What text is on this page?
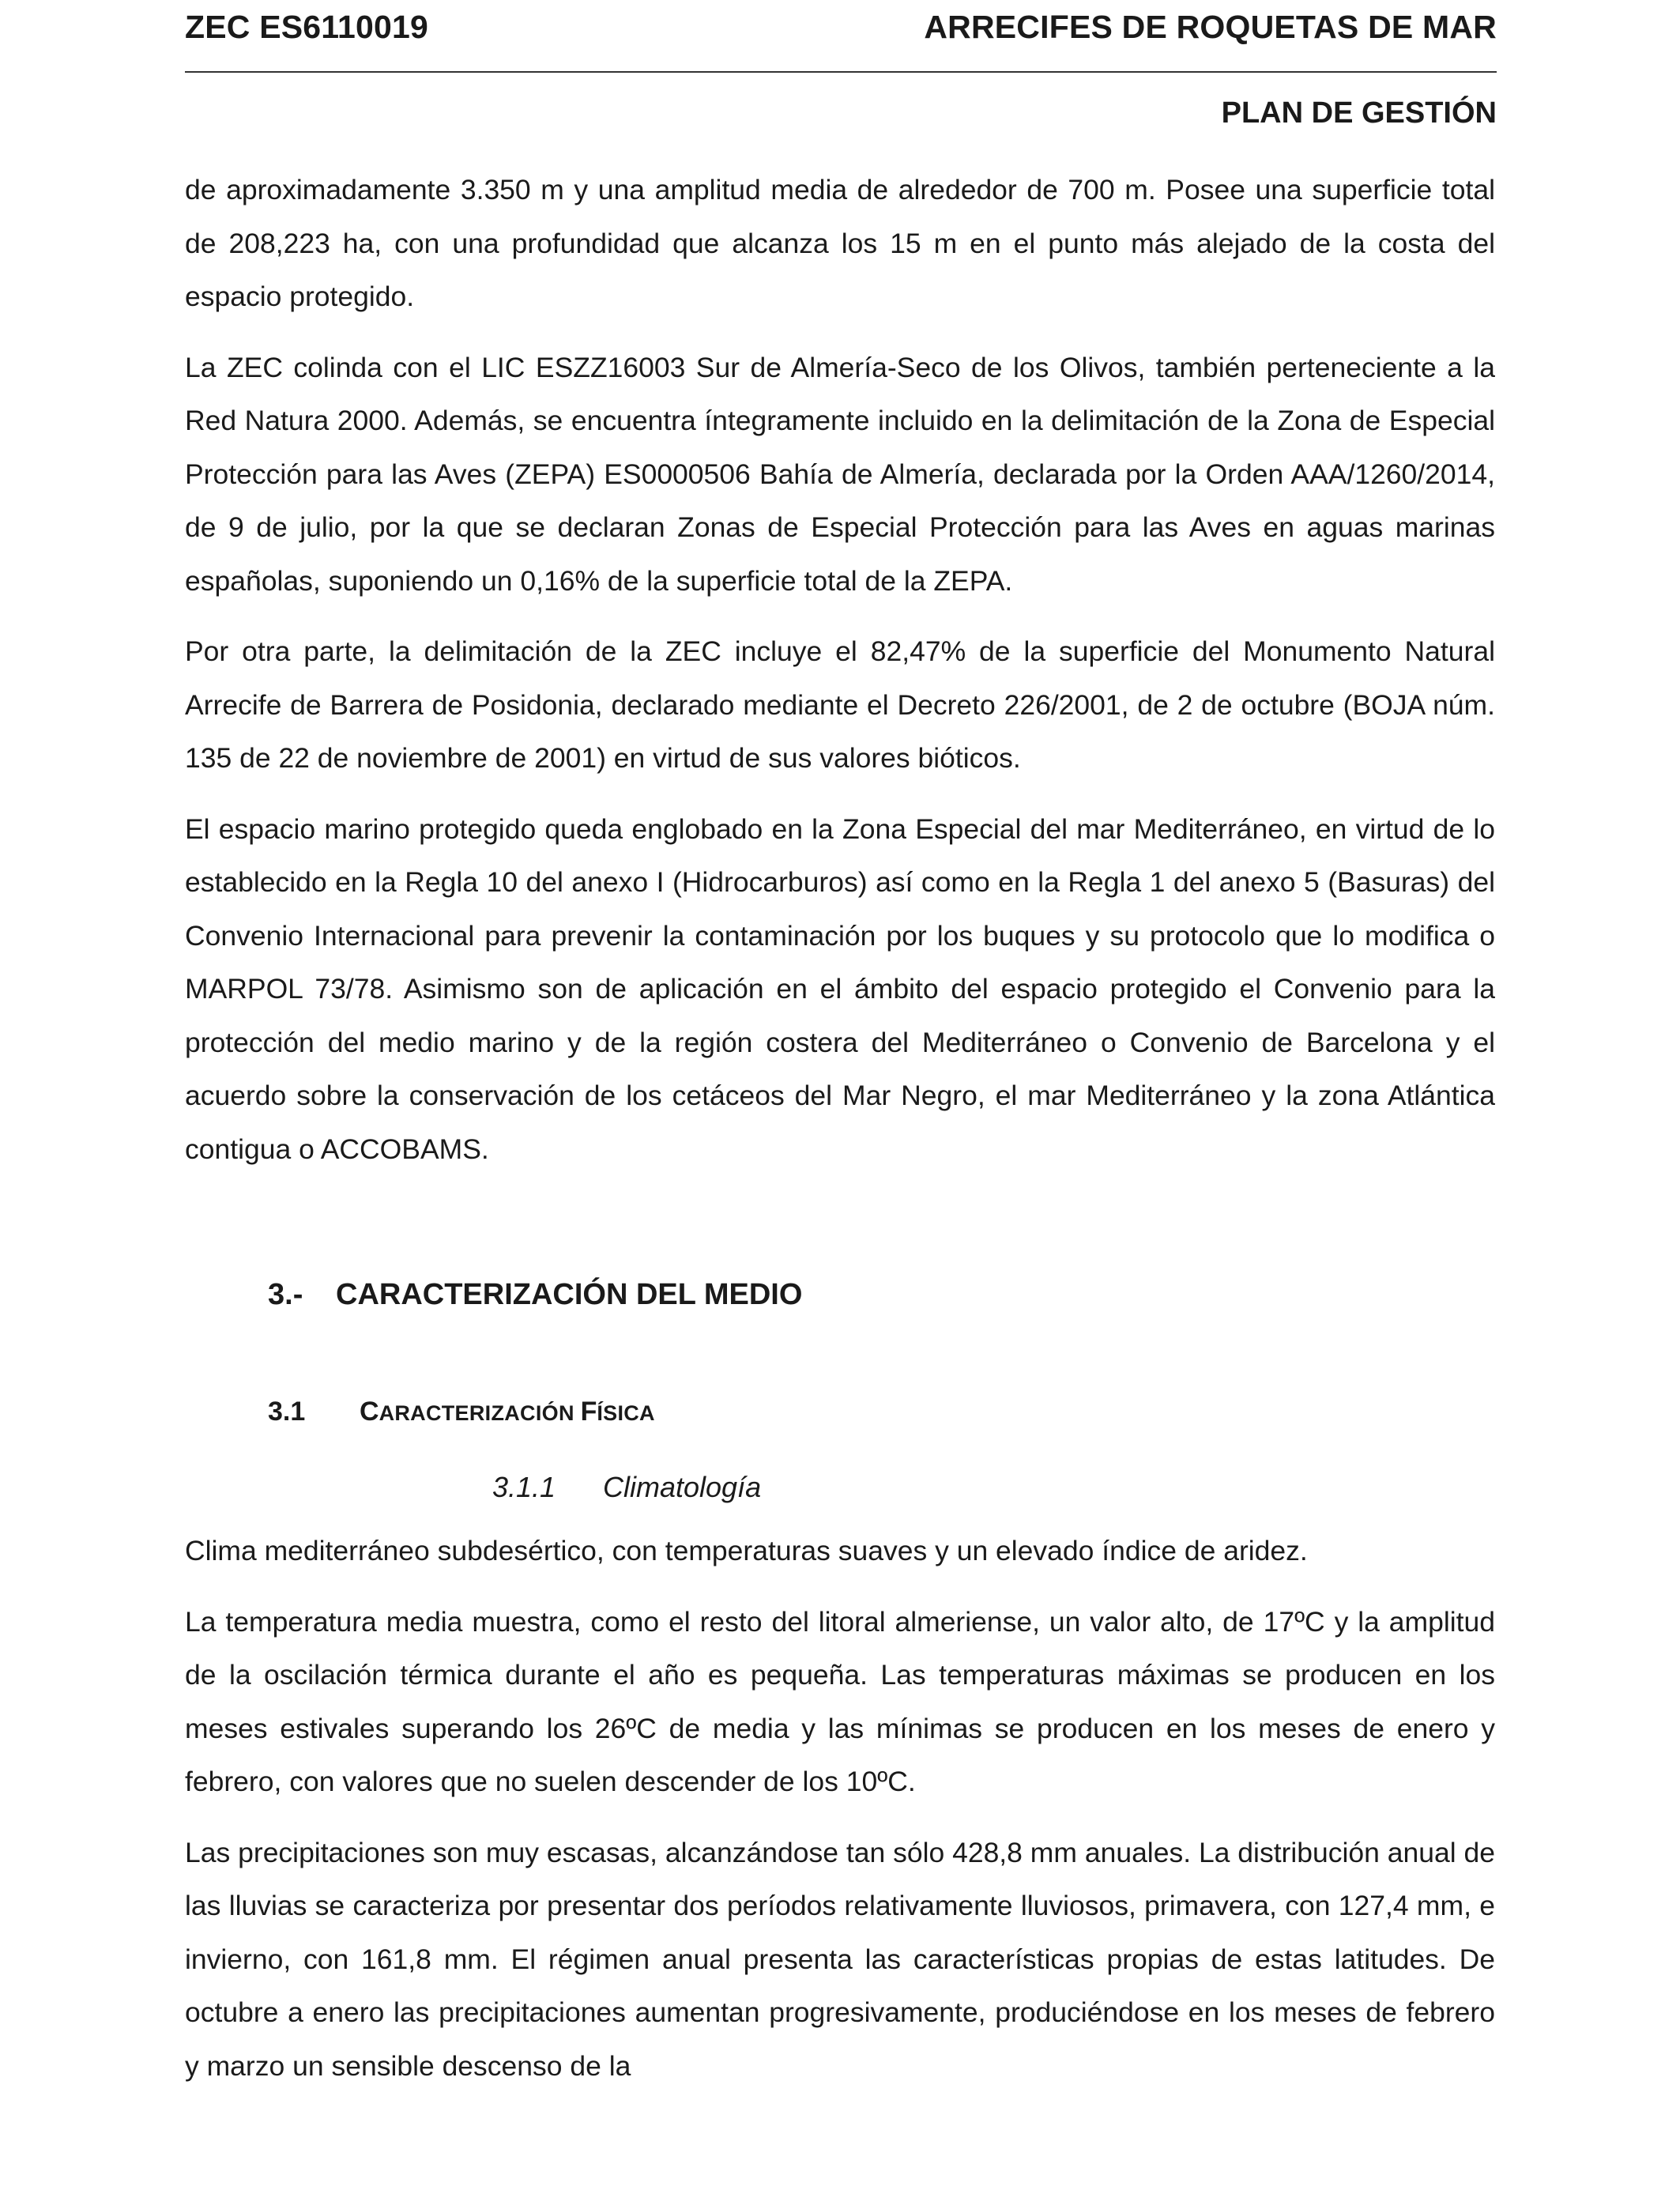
ZEC ES6110019	ARRECIFES DE ROQUETAS DE MAR
PLAN DE GESTIÓN

de aproximadamente 3.350 m y una amplitud media de alrededor de 700 m. Posee una superficie total de 208,223 ha, con una profundidad que alcanza los 15 m en el punto más alejado de la costa del espacio protegido.

La ZEC colinda con el LIC ESZZ16003 Sur de Almería-Seco de los Olivos, también perteneciente a la Red Natura 2000. Además, se encuentra íntegramente incluido en la delimitación de la Zona de Especial Protección para las Aves (ZEPA) ES0000506 Bahía de Almería, declarada por la Orden AAA/1260/2014, de 9 de julio, por la que se declaran Zonas de Especial Protección para las Aves en aguas marinas españolas, suponiendo un 0,16% de la superficie total de la ZEPA.

Por otra parte, la delimitación de la ZEC incluye el 82,47% de la superficie del Monumento Natural Arrecife de Barrera de Posidonia, declarado mediante el Decreto 226/2001, de 2 de octubre (BOJA núm. 135 de 22 de noviembre de 2001) en virtud de sus valores bióticos.

El espacio marino protegido queda englobado en la Zona Especial del mar Mediterráneo, en virtud de lo establecido en la Regla 10 del anexo I (Hidrocarburos) así como en la Regla 1 del anexo 5 (Basuras) del Convenio Internacional para prevenir la contaminación por los buques y su protocolo que lo modifica o MARPOL 73/78. Asimismo son de aplicación en el ámbito del espacio protegido el Convenio para la protección del medio marino y de la región costera del Mediterráneo o Convenio de Barcelona y el acuerdo sobre la conservación de los cetáceos del Mar Negro, el mar Mediterráneo y la zona Atlántica contigua o ACCOBAMS.

3.- CARACTERIZACIÓN DEL MEDIO
3.1 CARACTERIZACIÓN FÍSICA
3.1.1 Climatología

Clima mediterráneo subdesértico, con temperaturas suaves y un elevado índice de aridez.

La temperatura media muestra, como el resto del litoral almeriense, un valor alto, de 17ºC y la amplitud de la oscilación térmica durante el año es pequeña. Las temperaturas máximas se producen en los meses estivales superando los 26ºC de media y las mínimas se producen en los meses de enero y febrero, con valores que no suelen descender de los 10ºC.

Las precipitaciones son muy escasas, alcanzándose tan sólo 428,8 mm anuales. La distribución anual de las lluvias se caracteriza por presentar dos períodos relativamente lluviosos, primavera, con 127,4 mm, e invierno, con 161,8 mm. El régimen anual presenta las características propias de estas latitudes. De octubre a enero las precipitaciones aumentan progresivamente, produciéndose en los meses de febrero y marzo un sensible descenso de la
